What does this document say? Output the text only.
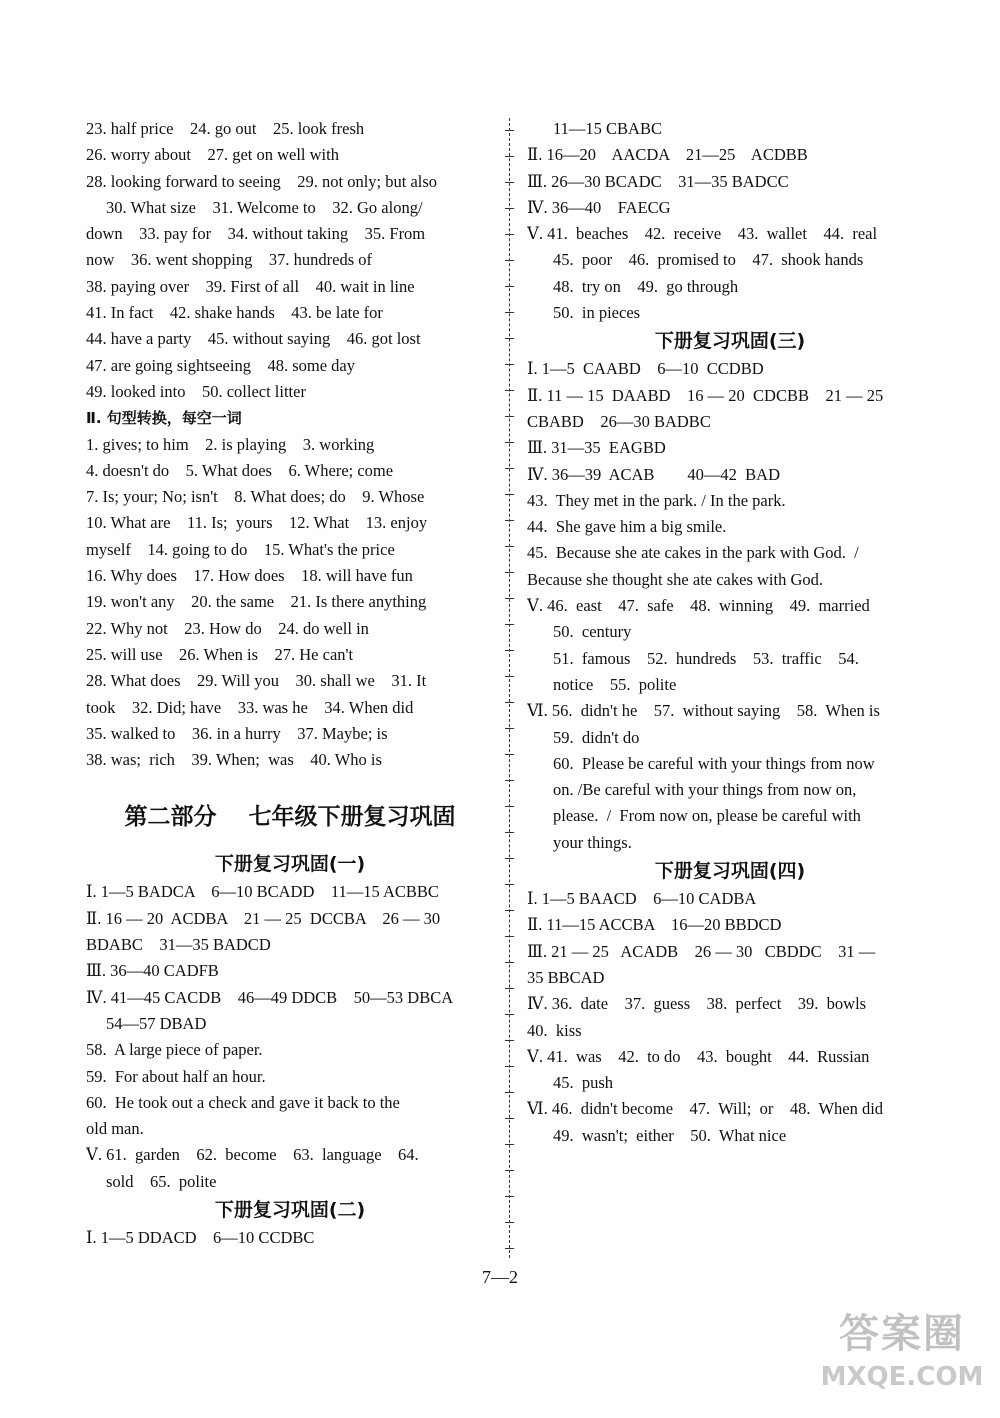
23. half price    24. go out    25. look fresh
26. worry about    27. get on well with
28. looking forward to seeing    29. not only; but also
30. What size    31. Welcome to    32. Go along/
down    33. pay for    34. without taking    35. From
now    36. went shopping    37. hundreds of
38. paying over    39. First of all    40. wait in line
41. In fact    42. shake hands    43. be late for
44. have a party    45. without saying    46. got lost
47. are going sightseeing    48. some day
49. looked into    50. collect litter
Ⅱ. 句型转换，每空一词
1. gives; to him    2. is playing    3. working
4. doesn't do    5. What does    6. Where; come
7. Is; your; No; isn't    8. What does; do    9. Whose
10. What are    11. Is;  yours    12. What    13. enjoy
myself    14. going to do    15. What's the price
16. Why does    17. How does    18. will have fun
19. won't any    20. the same    21. Is there anything
22. Why not    23. How do    24. do well in
25. will use    26. When is    27. He can't
28. What does    29. Will you    30. shall we    31. It
took    32. Did; have    33. was he    34. When did
35. walked to    36. in a hurry    37. Maybe; is
38. was;  rich    39. When;  was    40. Who is
第二部分    七年级下册复习巩固
下册复习巩固(一)
Ⅰ. 1—5 BADCA    6—10 BCADD    11—15 ACBBC
Ⅱ. 16 — 20  ACDBA    21 — 25  DCCBA    26 — 30
BDABC    31—35 BADCD
Ⅲ. 36—40 CADFB
Ⅳ. 41—45 CACDB    46—49 DDCB    50—53 DBCA
54—57 DBAD
58.  A large piece of paper.
59.  For about half an hour.
60.  He took out a check and gave it back to the
old man.
Ⅴ. 61.  garden    62.  become    63.  language    64.
sold    65.  polite
下册复习巩固(二)
Ⅰ. 1—5 DDACD    6—10 CCDBC
11—15 CBABC
Ⅱ. 16—20    AACDA    21—25    ACDBB
Ⅲ. 26—30 BCADC    31—35 BADCC
Ⅳ. 36—40    FAECG
Ⅴ. 41.  beaches    42.  receive    43.  wallet    44.  real
45.  poor    46.  promised to    47.  shook hands
48.  try on    49.  go through
50.  in pieces
下册复习巩固(三)
Ⅰ. 1—5  CAABD    6—10  CCDBD
Ⅱ. 11 — 15  DAABD    16 — 20  CDCBB    21 — 25
CBABD    26—30 BADBC
Ⅲ. 31—35  EAGBD
Ⅳ. 36—39  ACAB        40—42  BAD
43.  They met in the park. / In the park.
44.  She gave him a big smile.
45.  Because she ate cakes in the park with God.  /
Because she thought she ate cakes with God.
Ⅴ. 46.  east    47.  safe    48.  winning    49.  married
50.  century
51.  famous    52.  hundreds    53.  traffic    54.
notice    55.  polite
Ⅵ. 56.  didn't he    57.  without saying    58.  When is
59.  didn't do
60.  Please be careful with your things from now
on. /Be careful with your things from now on,
please.  /  From now on, please be careful with
your things.
下册复习巩固(四)
Ⅰ. 1—5 BAACD    6—10 CADBA
Ⅱ. 11—15 ACCBA    16—20 BBDCD
Ⅲ. 21 — 25   ACADB    26 — 30   CBDDC    31 —
35 BBCAD
Ⅳ. 36.  date    37.  guess    38.  perfect    39.  bowls
40.  kiss
Ⅴ. 41.  was    42.  to do    43.  bought    44.  Russian
45.  push
Ⅵ. 46.  didn't become    47.  Will;  or    48.  When did
49.  wasn't;  either    50.  What nice
7—2
答案圈
MXQE.COM
